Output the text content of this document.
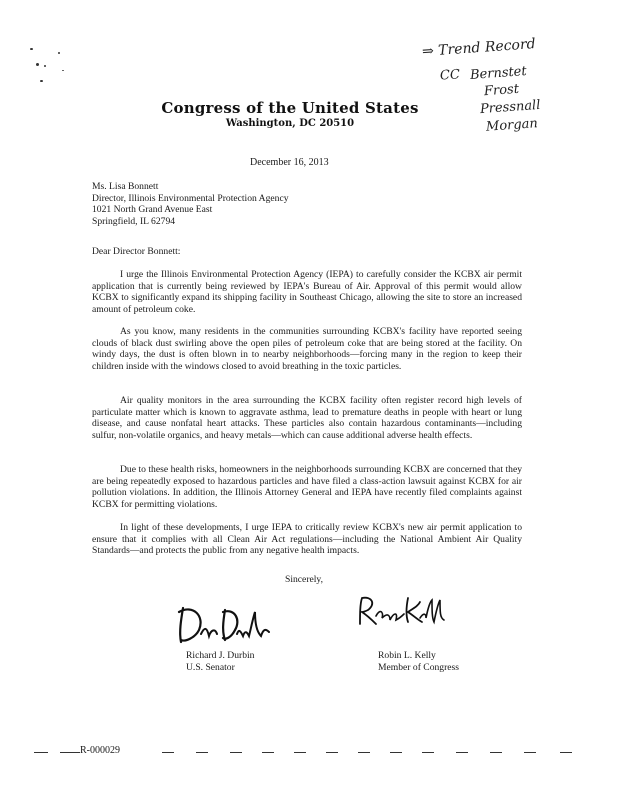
⇒ Trend Record
CC Bernstet
Frost
Pressnall
Morgan
Congress of the United States
Washington, DC 20510
December 16, 2013
Ms. Lisa Bonnett
Director, Illinois Environmental Protection Agency
1021 North Grand Avenue East
Springfield, IL 62794
Dear Director Bonnett:

I urge the Illinois Environmental Protection Agency (IEPA) to carefully consider the KCBX air permit application that is currently being reviewed by IEPA's Bureau of Air. Approval of this permit would allow KCBX to significantly expand its shipping facility in Southeast Chicago, allowing the site to store an increased amount of petroleum coke.

As you know, many residents in the communities surrounding KCBX's facility have reported seeing clouds of black dust swirling above the open piles of petroleum coke that are being stored at the facility. On windy days, the dust is often blown in to nearby neighborhoods—forcing many in the region to keep their children inside with the windows closed to avoid breathing in the toxic particles.

Air quality monitors in the area surrounding the KCBX facility often register record high levels of particulate matter which is known to aggravate asthma, lead to premature deaths in people with heart or lung disease, and cause nonfatal heart attacks. These particles also contain hazardous contaminants—including sulfur, non-volatile organics, and heavy metals—which can cause additional adverse health effects.

Due to these health risks, homeowners in the neighborhoods surrounding KCBX are concerned that they are being repeatedly exposed to hazardous particles and have filed a class-action lawsuit against KCBX for air pollution violations. In addition, the Illinois Attorney General and IEPA have recently filed complaints against KCBX for permitting violations.

In light of these developments, I urge IEPA to critically review KCBX's new air permit application to ensure that it complies with all Clean Air Act regulations—including the National Ambient Air Quality Standards—and protects the public from any negative health impacts.

Sincerely,
Richard J. Durbin
U.S. Senator
Robin L. Kelly
Member of Congress
R-000029
